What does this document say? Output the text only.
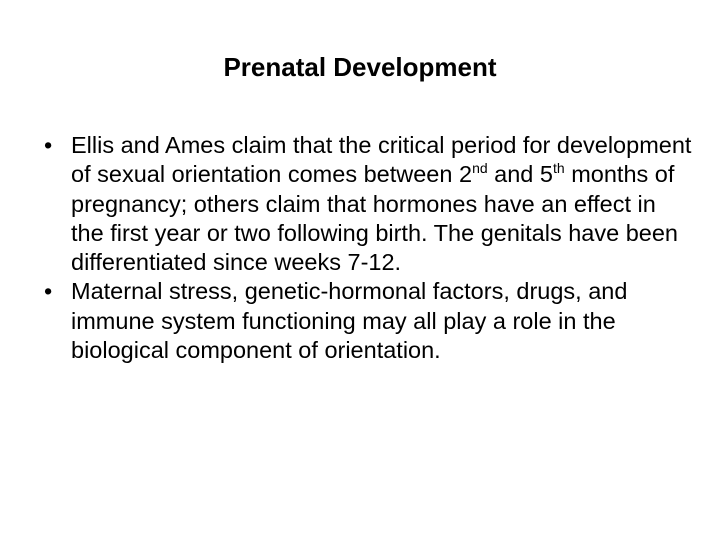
Prenatal Development
• Ellis and Ames claim that the critical period for development of sexual orientation comes between 2nd and 5th months of pregnancy; others claim that hormones have an effect in the first year or two following birth. The genitals have been differentiated since weeks 7-12.
• Maternal stress, genetic-hormonal factors, drugs, and immune system functioning may all play a role in the biological component of orientation.
